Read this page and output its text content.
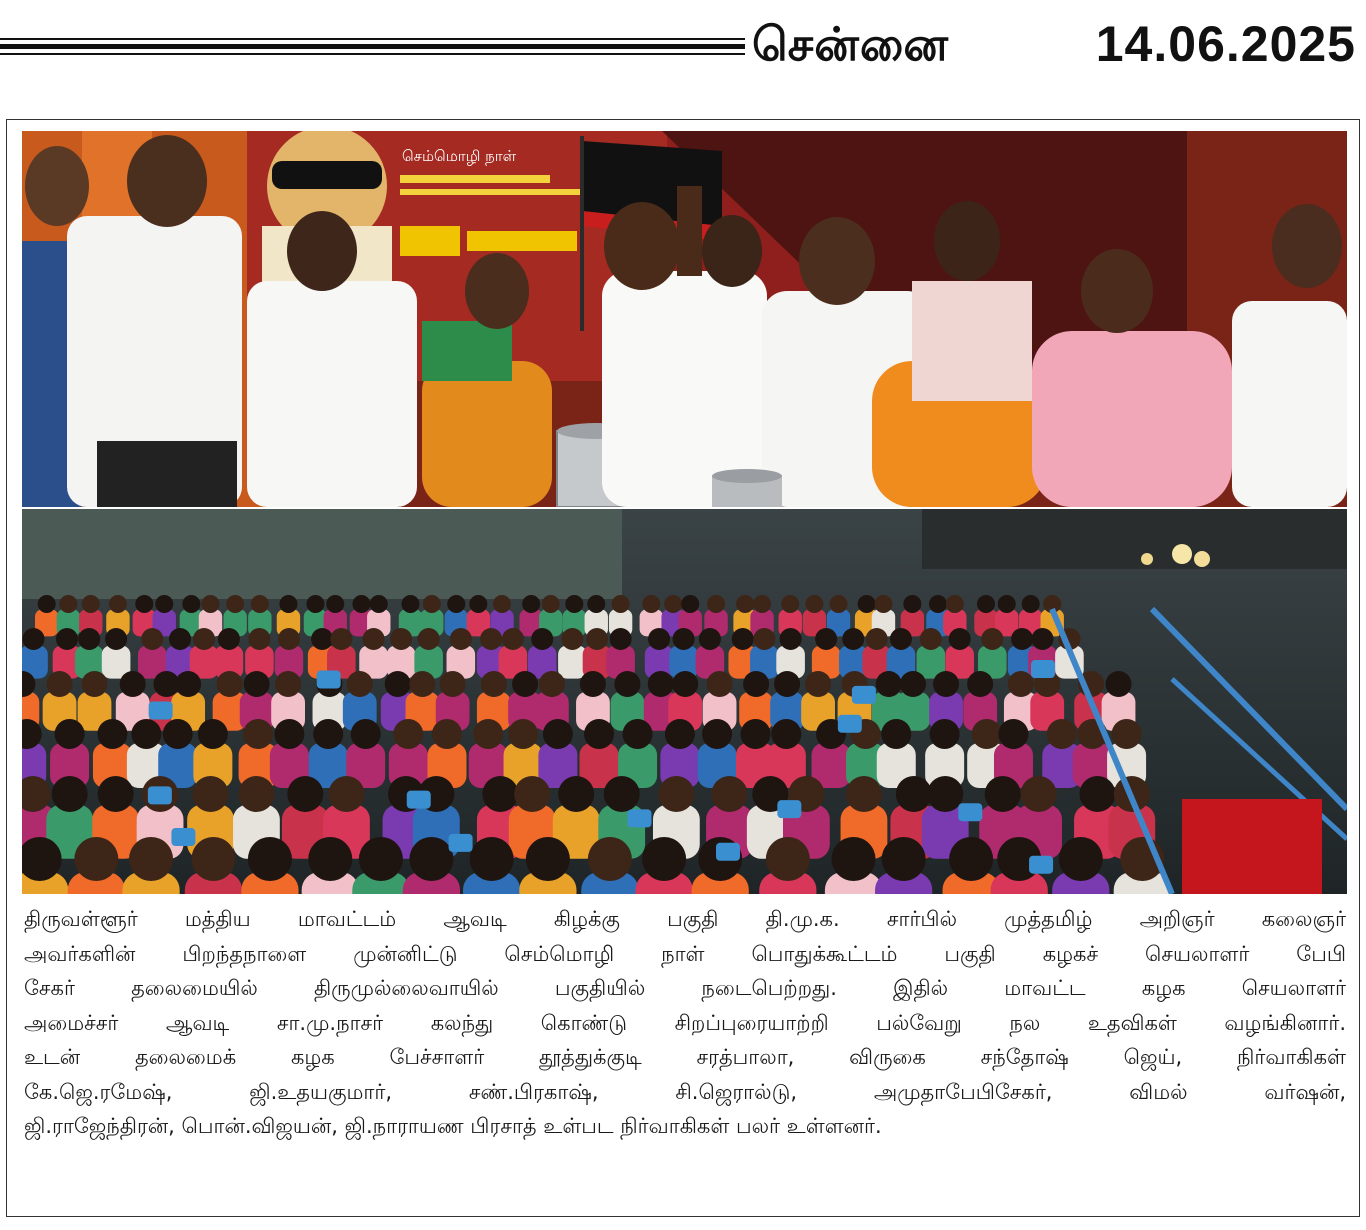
சென்னை	14.06.2025
செம்மொழி நாள்
திருவள்ளூர் மத்திய மாவட்டம் ஆவடி கிழக்கு பகுதி தி.மு.க. சார்பில் முத்தமிழ் அறிஞர் கலைஞர்
அவர்களின் பிறந்தநாளை முன்னிட்டு செம்மொழி நாள் பொதுக்கூட்டம் பகுதி கழகச் செயலாளர் பேபி
சேகர் தலைமையில் திருமுல்லைவாயில் பகுதியில் நடைபெற்றது. இதில் மாவட்ட கழக செயலாளர்
அமைச்சர் ஆவடி சா.மு.நாசர் கலந்து கொண்டு சிறப்புரையாற்றி பல்வேறு நல உதவிகள் வழங்கினார்.
உடன் தலைமைக் கழக பேச்சாளர் தூத்துக்குடி சரத்பாலா, விருகை சந்தோஷ் ஜெய், நிர்வாகிகள்
கே.ஜெ.ரமேஷ், ஜி.உதயகுமார், சண்.பிரகாஷ், சி.ஜெரால்டு, அமுதாபேபிசேகர், விமல் வர்ஷன்,
ஜி.ராஜேந்திரன், பொன்.விஜயன், ஜி.நாராயண பிரசாத் உள்பட நிர்வாகிகள் பலர் உள்ளனர்.
